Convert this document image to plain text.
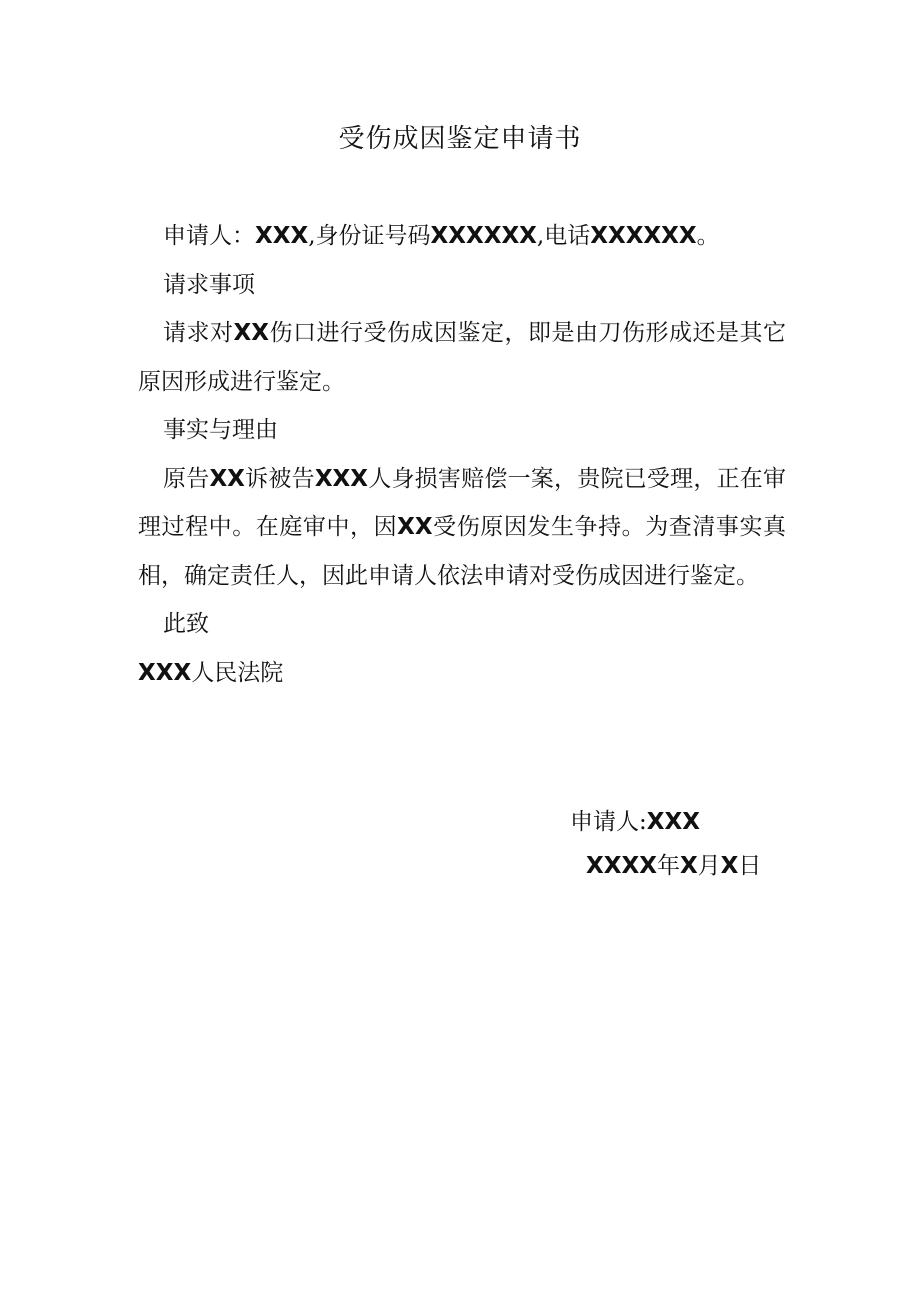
受伤成因鉴定申请书

申请人：XXX,身份证号码XXXXXX,电话XXXXXX。

请求事项

请求对XX伤口进行受伤成因鉴定，即是由刀伤形成还是其它原因形成进行鉴定。

事实与理由

原告XX诉被告XXX人身损害赔偿一案，贵院已受理，正在审理过程中。在庭审中，因XX受伤原因发生争持。为查清事实真相，确定责任人，因此申请人依法申请对受伤成因进行鉴定。

此致

XXX人民法院

申请人:XXX
XXXX年X月X日
